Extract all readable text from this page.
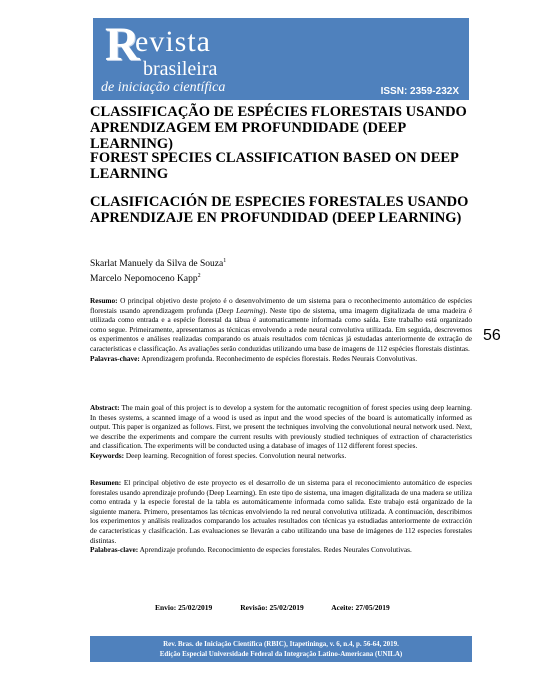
R
evista
brasileira
de iniciação científica	ISSN: 2359-232X
CLASSIFICAÇÃO DE ESPÉCIES FLORESTAIS USANDO APRENDIZAGEM EM PROFUNDIDADE (DEEP LEARNING)
FOREST SPECIES CLASSIFICATION BASED ON DEEP LEARNING
CLASIFICACIÓN DE ESPECIES FORESTALES USANDO APRENDIZAJE EN PROFUNDIDAD (DEEP LEARNING)
Skarlat Manuely da Silva de Souza$^1$
Marcelo Nepomoceno Kapp$^2$

Resumo: O principal objetivo deste projeto é o desenvolvimento de um sistema para o reconhecimento automático de espécies florestais usando aprendizagem profunda (Deep Learning). Neste tipo de sistema, uma imagem digitalizada de uma madeira é utilizada como entrada e a espécie florestal da tábua é automaticamente informada como saída. Este trabalho está organizado como segue. Primeiramente, apresentamos as técnicas envolvendo a rede neural convolutiva utilizada. Em seguida, descrevemos os experimentos e análises realizadas comparando os atuais resultados com técnicas já estudadas anteriormente de extração de características e classificação. As avaliações serão conduzidas utilizando uma base de imagens de 112 espécies florestais distintas.
Palavras-chave: Aprendizagem profunda. Reconhecimento de espécies florestais. Redes Neurais Convolutivas.

56

Abstract: The main goal of this project is to develop a system for the automatic recognition of forest species using deep learning. In theses systems, a scanned image of a wood is used as input and the wood species of the board is automatically informed as output. This paper is organized as follows. First, we present the techniques involving the convolutional neural network used. Next, we describe the experiments and compare the current results with previously studied techniques of extraction of characteristics and classification. The experiments will be conducted using a database of images of 112 different forest species.
Keywords: Deep learning. Recognition of forest species. Convolution neural networks.

Resumen: El principal objetivo de este proyecto es el desarrollo de un sistema para el reconocimiento automático de especies forestales usando aprendizaje profundo (Deep Learning). En este tipo de sistema, una imagen digitalizada de una madera se utiliza como entrada y la especie forestal de la tabla es automáticamente informada como salida. Este trabajo está organizado de la siguiente manera. Primero, presentamos las técnicas envolviendo la red neural convolutiva utilizada. A continuación, describimos los experimentos y análisis realizados comparando los actuales resultados con técnicas ya estudiadas anteriormente de extracción de características y clasificación. Las evaluaciones se llevarán a cabo utilizando una base de imágenes de 112 especies forestales distintas.
Palabras-clave: Aprendizaje profundo. Reconocimiento de especies forestales. Redes Neurales Convolutivas.

Envio: 25/02/2019	Revisão: 25/02/2019	Aceite: 27/05/2019
Rev. Bras. de Iniciação Científica (RBIC), Itapetininga, v. 6, n.4, p. 56-64, 2019.
Edição Especial Universidade Federal da Integração Latino-Americana (UNILA)
